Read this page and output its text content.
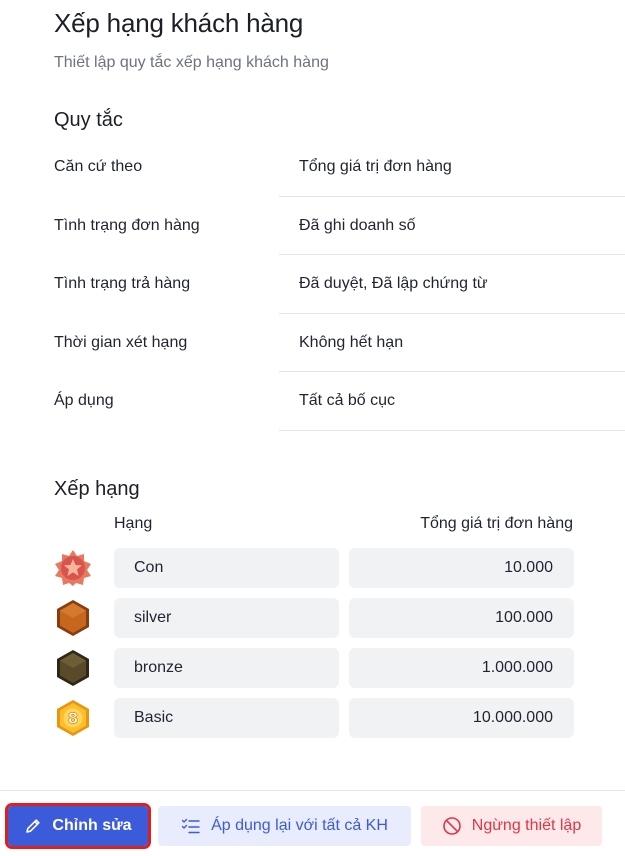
Xếp hạng khách hàng
Thiết lập quy tắc xếp hạng khách hàng
Quy tắc
Căn cứ theo	Tổng giá trị đơn hàng
Tình trạng đơn hàng	Đã ghi doanh số
Tình trạng trả hàng	Đã duyệt, Đã lập chứng từ
Thời gian xét hạng	Không hết hạn
Áp dụng	Tất cả bố cục
Xếp hạng
Hạng	Tổng giá trị đơn hàng
Con	10.000
silver	100.000
bronze	1.000.000
8	Basic	10.000.000
Chỉnh sửa	Áp dụng lại với tất cả KH	Ngừng thiết lập
